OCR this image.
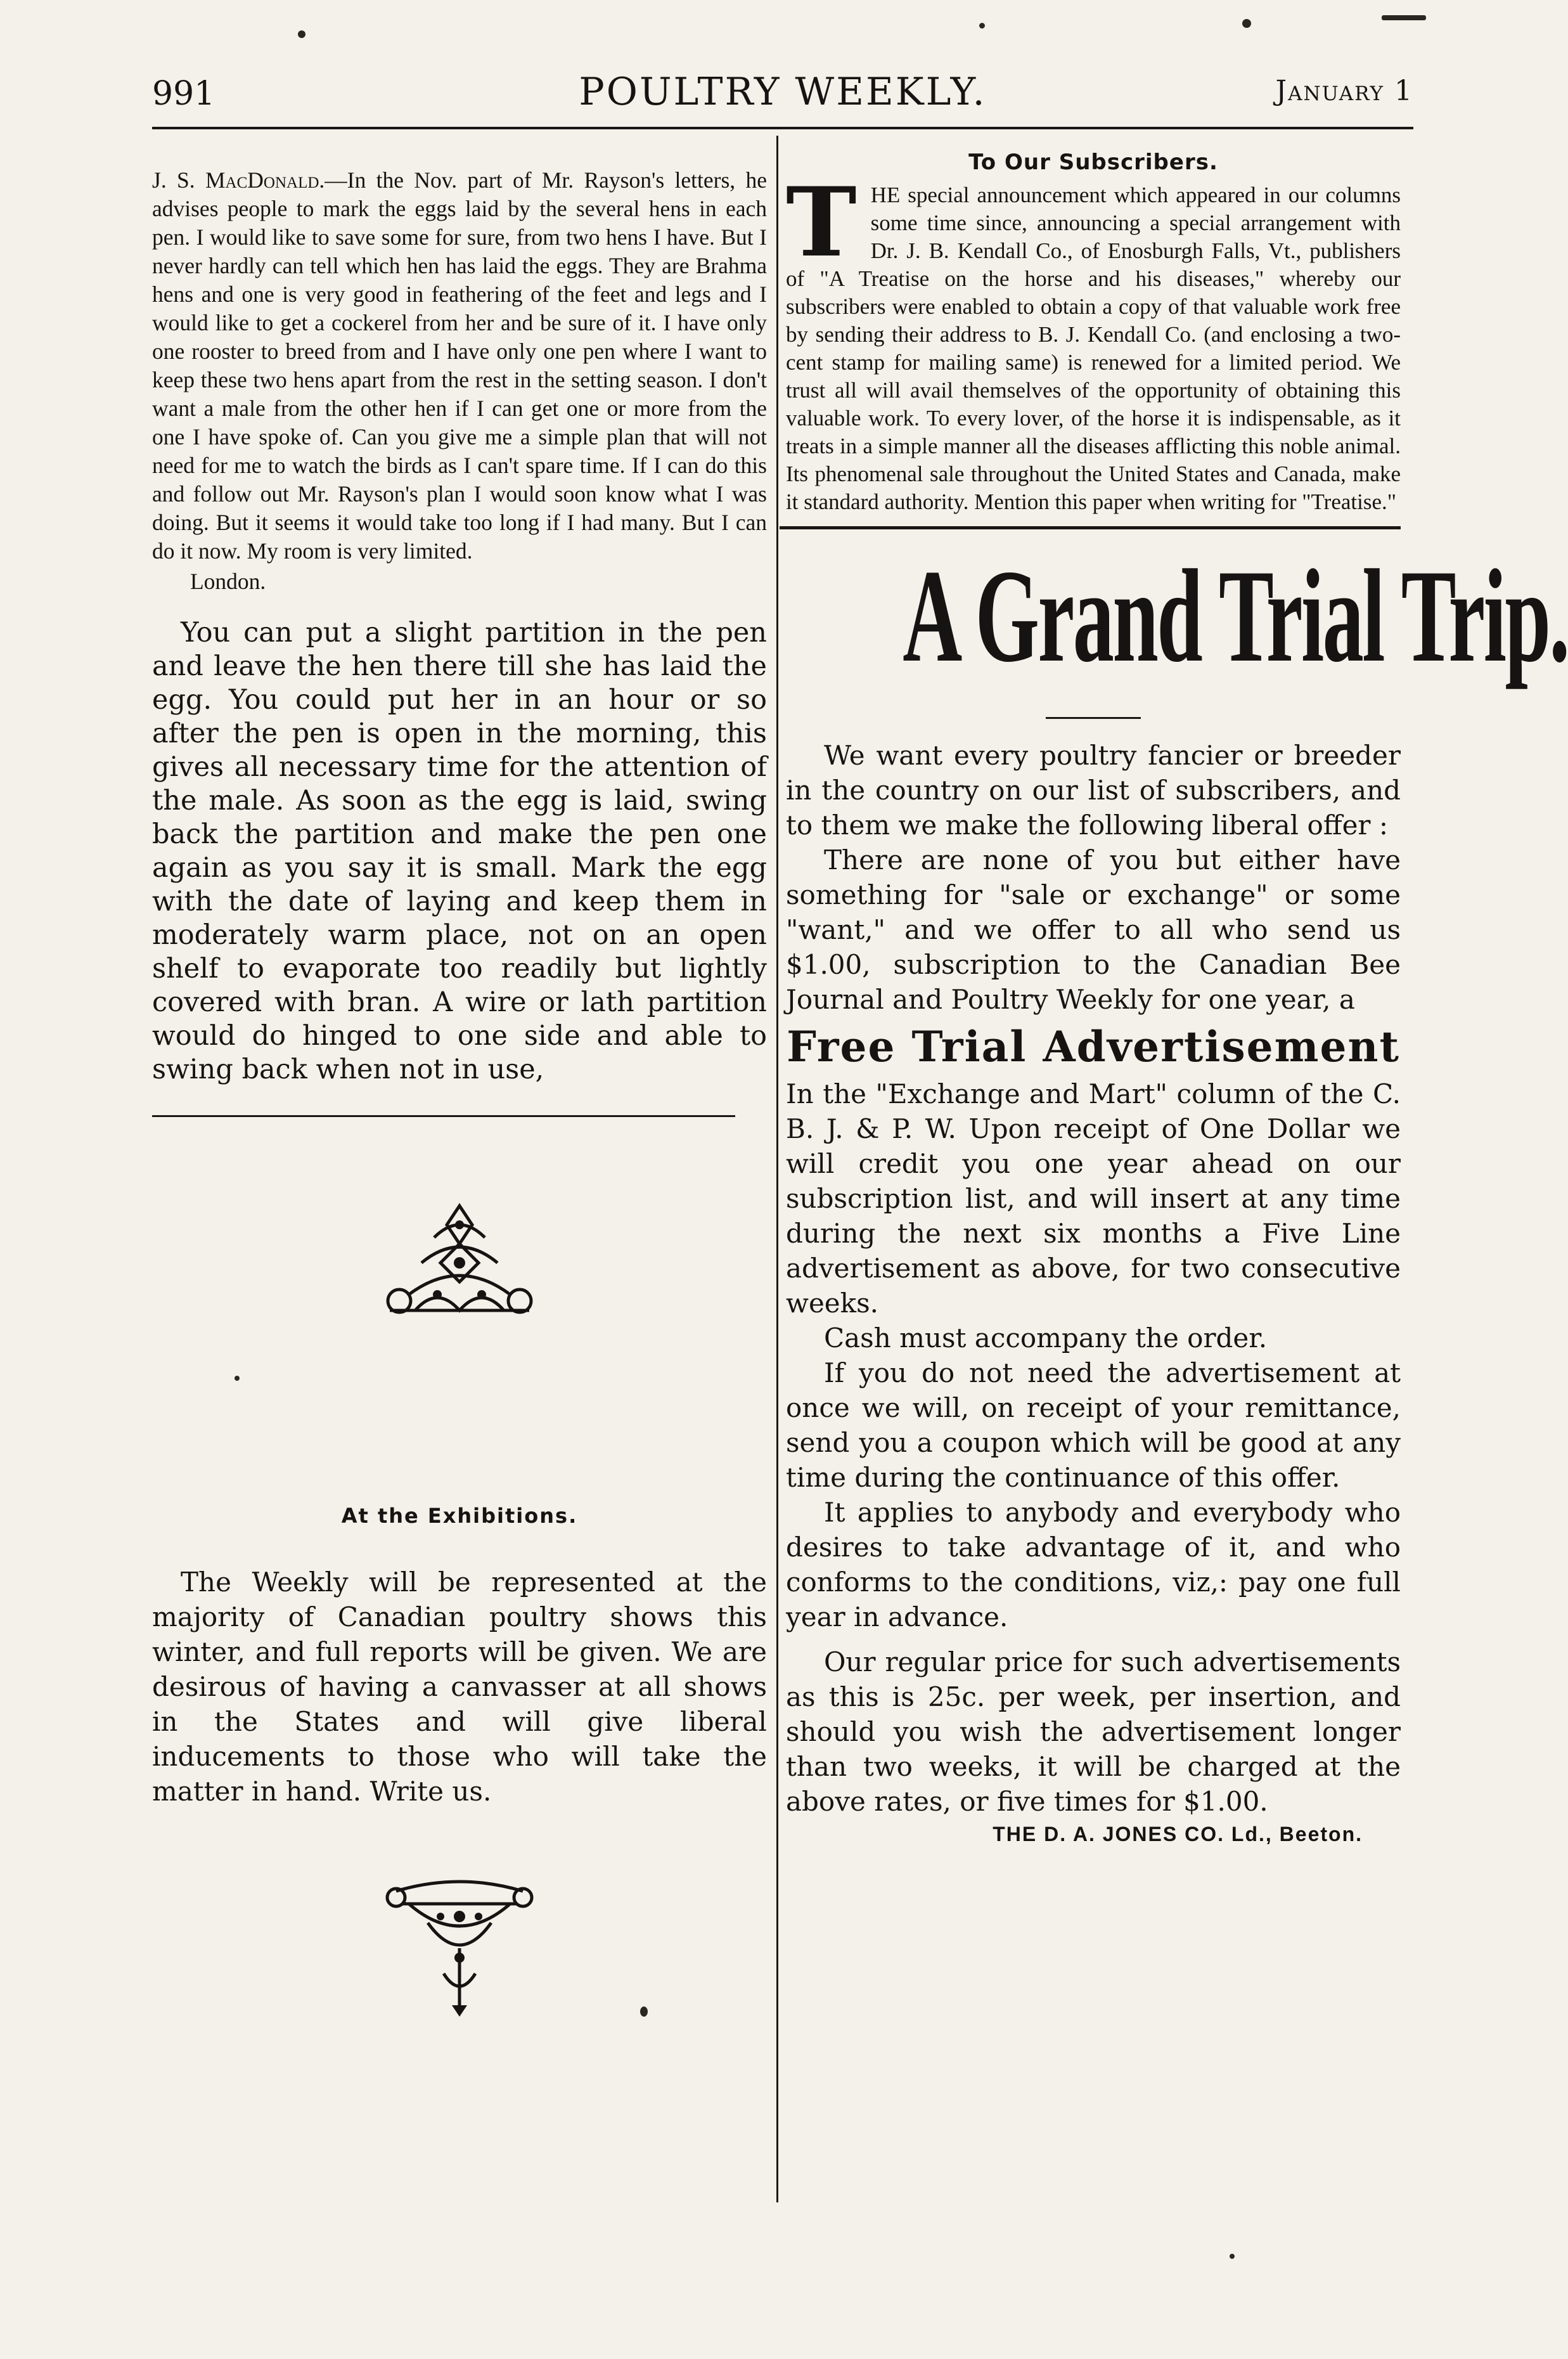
991	POULTRY WEEKLY.	January 1

J. S. MacDonald.—In the Nov. part of Mr. Rayson's letters, he advises people to mark the eggs laid by the several hens in each pen. I would like to save some for sure, from two hens I have. But I never hardly can tell which hen has laid the eggs. They are Brahma hens and one is very good in feathering of the feet and legs and I would like to get a cockerel from her and be sure of it. I have only one rooster to breed from and I have only one pen where I want to keep these two hens apart from the rest in the setting season. I don't want a male from the other hen if I can get one or more from the one I have spoke of. Can you give me a simple plan that will not need for me to watch the birds as I can't spare time. If I can do this and follow out Mr. Rayson's plan I would soon know what I was doing. But it seems it would take too long if I had many. But I can do it now. My room is very limited.

London.

You can put a slight partition in the pen and leave the hen there till she has laid the egg. You could put her in an hour or so after the pen is open in the morning, this gives all necessary time for the attention of the male. As soon as the egg is laid, swing back the partition and make the pen one again as you say it is small. Mark the egg with the date of laying and keep them in moderately warm place, not on an open shelf to evaporate too readily but lightly covered with bran. A wire or lath partition would do hinged to one side and able to swing back when not in use,

At the Exhibitions.

The Weekly will be represented at the majority of Canadian poultry shows this winter, and full reports will be given. We are desirous of having a canvasser at all shows in the States and will give liberal inducements to those who will take the matter in hand. Write us.

To Our Subscribers.

THE special announcement which appeared in our columns some time since, announcing a special arrangement with Dr. J. B. Kendall Co., of Enosburgh Falls, Vt., publishers of "A Treatise on the horse and his diseases," whereby our subscribers were enabled to obtain a copy of that valuable work free by sending their address to B. J. Kendall Co. (and enclosing a two-cent stamp for mailing same) is renewed for a limited period. We trust all will avail themselves of the opportunity of obtaining this valuable work. To every lover, of the horse it is indispensable, as it treats in a simple manner all the diseases afflicting this noble animal. Its phenomenal sale throughout the United States and Canada, make it standard authority. Mention this paper when writing for "Treatise."

A Grand Trial Trip.

We want every poultry fancier or breeder in the country on our list of subscribers, and to them we make the following liberal offer :

There are none of you but either have something for "sale or exchange" or some "want," and we offer to all who send us $1.00, subscription to the Canadian Bee Journal and Poultry Weekly for one year, a

Free Trial Advertisement

In the "Exchange and Mart" column of the C. B. J. & P. W. Upon receipt of One Dollar we will credit you one year ahead on our subscription list, and will insert at any time during the next six months a Five Line advertisement as above, for two consecutive weeks.

Cash must accompany the order.

If you do not need the advertisement at once we will, on receipt of your remittance, send you a coupon which will be good at any time during the continuance of this offer.

It applies to anybody and everybody who desires to take advantage of it, and who conforms to the conditions, viz,: pay one full year in advance.

Our regular price for such advertisements as this is 25c. per week, per insertion, and should you wish the advertisement longer than two weeks, it will be charged at the above rates, or five times for $1.00.

THE D. A. JONES CO. Ld., Beeton.
